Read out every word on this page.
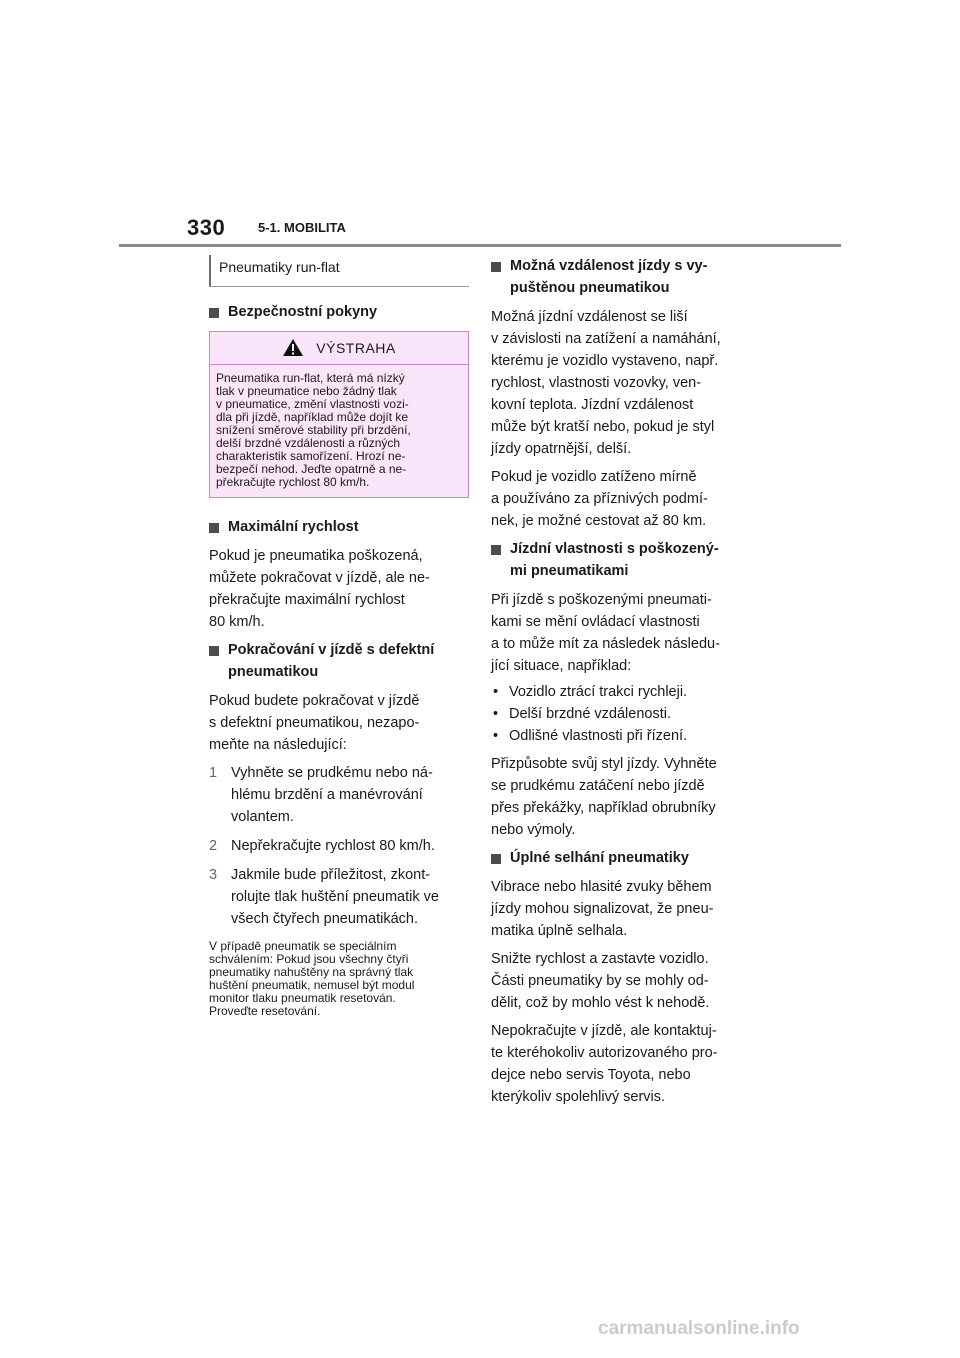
330	5-1. MOBILITA
Pneumatiky run-flat
Bezpečnostní pokyny
VÝSTRAHA

Pneumatika run-flat, která má nízký

tlak v pneumatice nebo žádný tlak

v pneumatice, změní vlastnosti vozi-

dla při jízdě, například může dojít ke

snížení směrové stability při brzdění,

delší brzdné vzdálenosti a různých

charakteristik samořízení. Hrozí ne-

bezpečí nehod. Jeďte opatrně a ne-

překračujte rychlost 80 km/h.

Maximální rychlost

Pokud je pneumatika poškozená,
můžete pokračovat v jízdě, ale ne-
překračujte maximální rychlost
80 km/h.

Pokračování v jízdě s defektní
pneumatikou

Pokud budete pokračovat v jízdě
s defektní pneumatikou, nezapo-
meňte na následující:

1 Vyhněte se prudkému nebo ná-
hlému brzdění a manévrování
volantem.
2 Nepřekračujte rychlost 80 km/h.
3 Jakmile bude příležitost, zkont-
rolujte tlak huštění pneumatik ve
všech čtyřech pneumatikách.

V případě pneumatik se speciálním
schválením: Pokud jsou všechny čtyři
pneumatiky nahuštěny na správný tlak
huštění pneumatik, nemusel být modul
monitor tlaku pneumatik resetován.
Proveďte resetování.

Možná vzdálenost jízdy s vy-
puštěnou pneumatikou

Možná jízdní vzdálenost se liší
v závislosti na zatížení a namáhání,
kterému je vozidlo vystaveno, např.
rychlost, vlastnosti vozovky, ven-
kovní teplota. Jízdní vzdálenost
může být kratší nebo, pokud je styl
jízdy opatrnější, delší.

Pokud je vozidlo zatíženo mírně
a používáno za příznivých podmí-
nek, je možné cestovat až 80 km.

Jízdní vlastnosti s poškozený-
mi pneumatikami

Při jízdě s poškozenými pneumati-
kami se mění ovládací vlastnosti
a to může mít za následek následu-
jící situace, například:

• Vozidlo ztrácí trakci rychleji.
• Delší brzdné vzdálenosti.
• Odlišné vlastnosti při řízení.

Přizpůsobte svůj styl jízdy. Vyhněte
se prudkému zatáčení nebo jízdě
přes překážky, například obrubníky
nebo výmoly.

Úplné selhání pneumatiky

Vibrace nebo hlasité zvuky během
jízdy mohou signalizovat, že pneu-
matika úplně selhala.

Snižte rychlost a zastavte vozidlo.
Části pneumatiky by se mohly od-
dělit, což by mohlo vést k nehodě.

Nepokračujte v jízdě, ale kontaktuj-
te kteréhokoliv autorizovaného pro-
dejce nebo servis Toyota, nebo
kterýkoliv spolehlivý servis.

carmanualsonline.info
